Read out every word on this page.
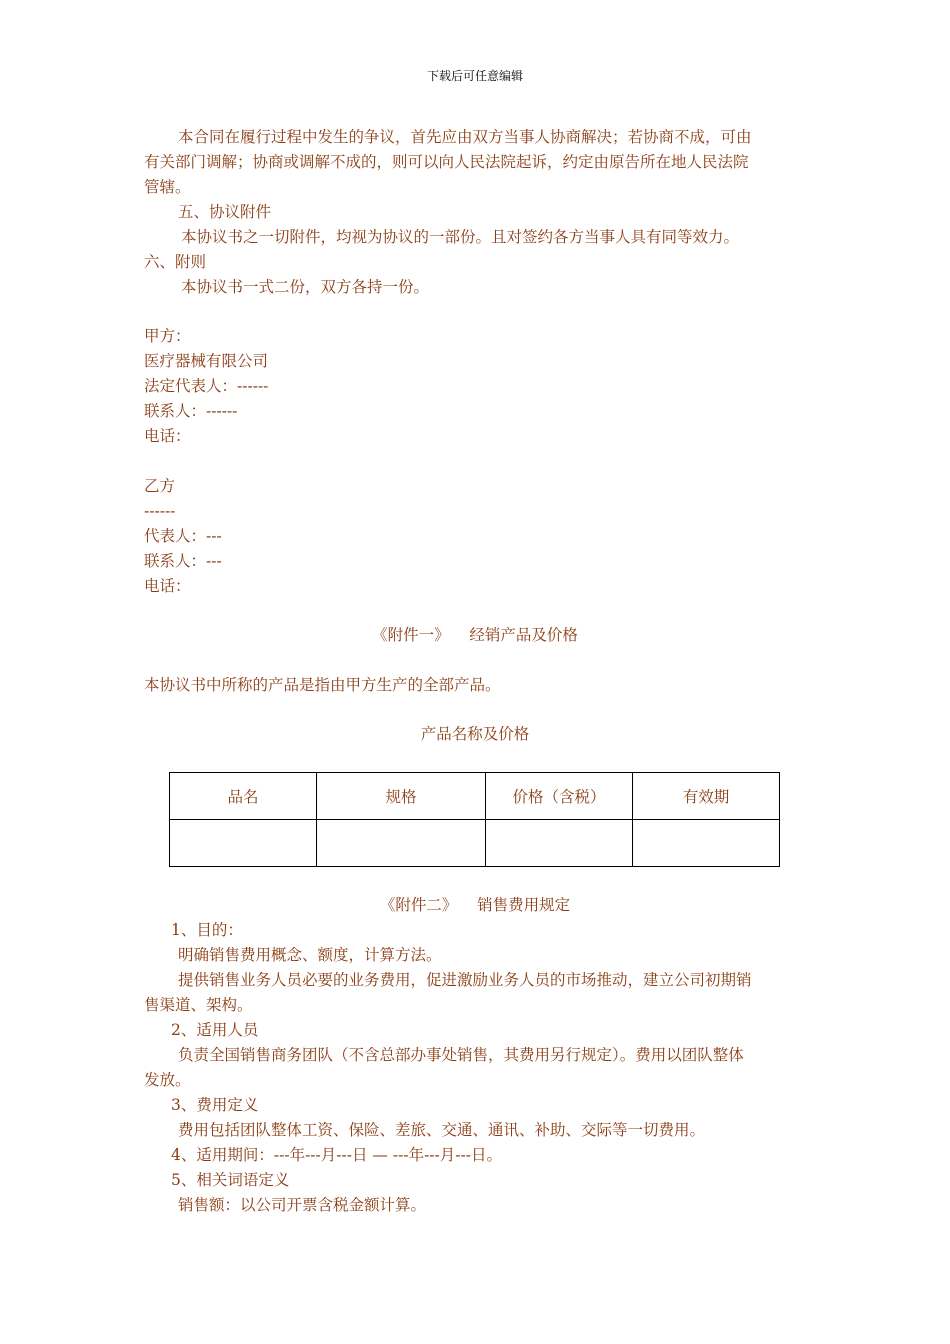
下载后可任意编辑
本合同在履行过程中发生的争议，首先应由双方当事人协商解决；若协商不成，可由
有关部门调解；协商或调解不成的，则可以向人民法院起诉，约定由原告所在地人民法院
管辖。
五、协议附件
本协议书之一切附件，均视为协议的一部份。且对签约各方当事人具有同等效力。
六、附则
本协议书一式二份，双方各持一份。
甲方：
医疗器械有限公司
法定代表人：------
联系人：------
电话：
乙方
------
代表人：---
联系人：---
电话：
《附件一》    经销产品及价格
本协议书中所称的产品是指由甲方生产的全部产品。
产品名称及价格
品名	规格	价格（含税）	有效期

《附件二》    销售费用规定
1、目的：
明确销售费用概念、额度，计算方法。
提供销售业务人员必要的业务费用，促进激励业务人员的市场推动，建立公司初期销
售渠道、架构。
2、适用人员
负责全国销售商务团队（不含总部办事处销售，其费用另行规定）。费用以团队整体
发放。
3、费用定义
费用包括团队整体工资、保险、差旅、交通、通讯、补助、交际等一切费用。
4、适用期间：---年---月---日 — ---年---月---日。
5、相关词语定义
销售额：以公司开票含税金额计算。
